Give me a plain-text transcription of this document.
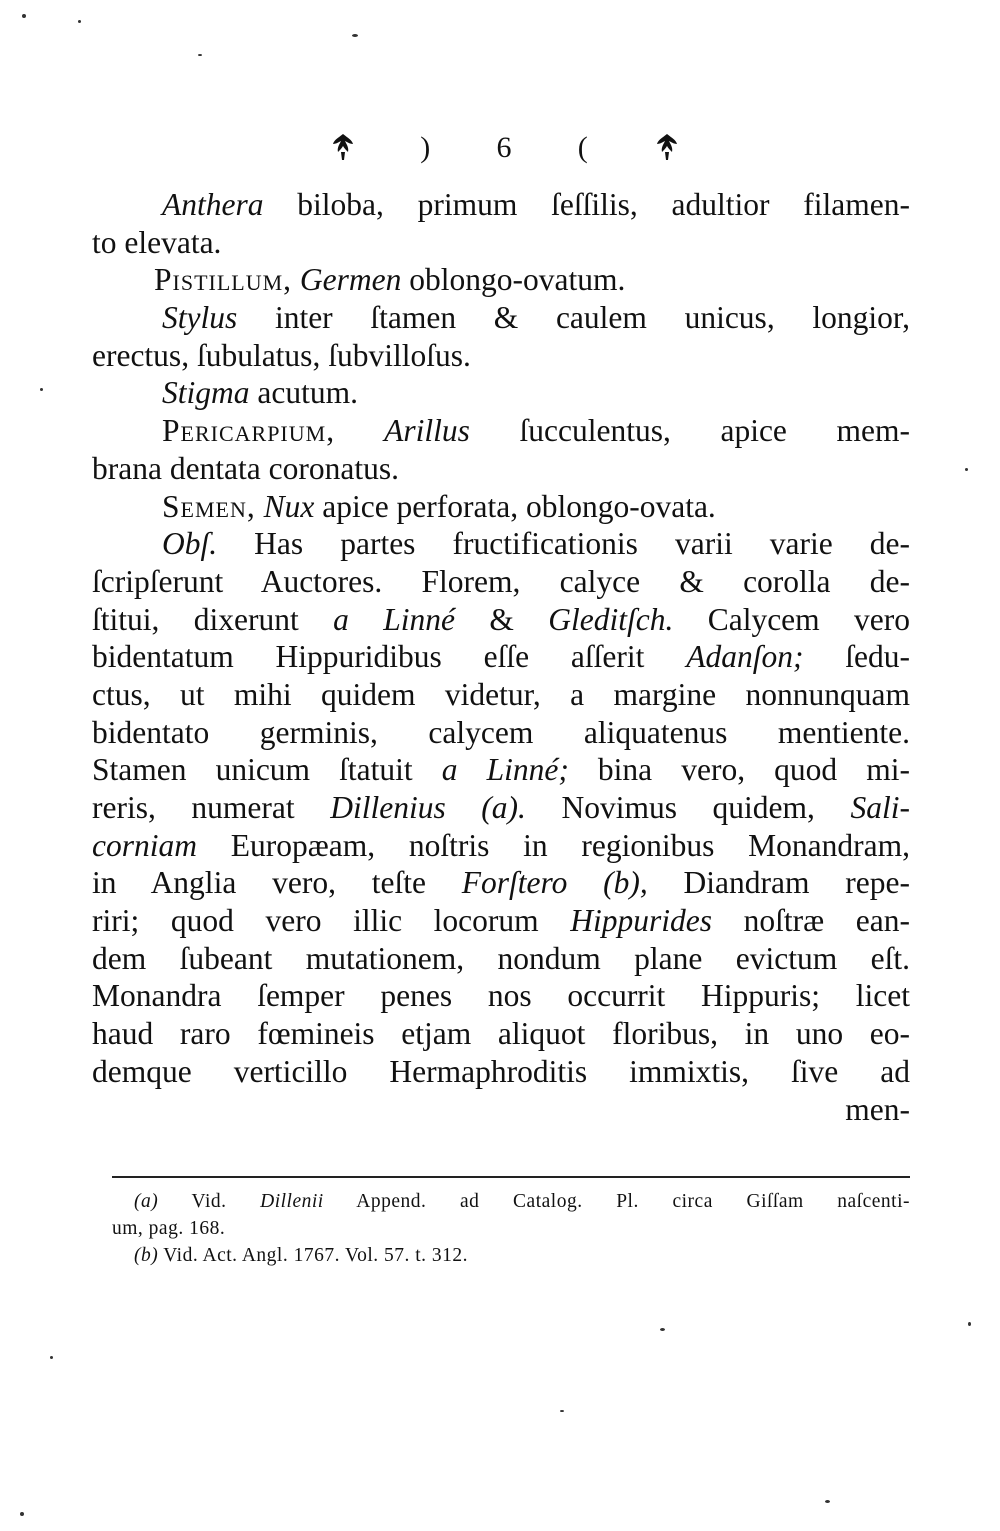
) 6 (
Anthera biloba, primum ſeſſilis, adultior filamen-
to elevata.
Pistillum, Germen oblongo-ovatum.
Stylus inter ſtamen & caulem unicus, longior,
erectus, ſubulatus, ſubvilloſus.
Stigma acutum.
Pericarpium, Arillus ſucculentus, apice mem-
brana dentata coronatus.
Semen, Nux apice perforata, oblongo-ovata.
Obſ. Has partes fructificationis varii varie de-
ſcripſerunt Auctores. Florem, calyce & corolla de-
ſtitui, dixerunt a Linné & Gleditſch. Calycem vero
bidentatum Hippuridibus eſſe aſſerit Adanſon; ſedu-
ctus, ut mihi quidem videtur, a margine nonnunquam
bidentato germinis, calycem aliquatenus mentiente.
Stamen unicum ſtatuit a Linné; bina vero, quod mi-
reris, numerat Dillenius (a). Novimus quidem, Sali-
corniam Europæam, noſtris in regionibus Monandram,
in Anglia vero, teſte Forſtero (b), Diandram repe-
riri; quod vero illic locorum Hippurides noſtræ ean-
dem ſubeant mutationem, nondum plane evictum eſt.
Monandra ſemper penes nos occurrit Hippuris; licet
haud raro fœmineis etjam aliquot floribus, in uno eo-
demque verticillo Hermaphroditis immixtis, ſive ad
men-
(a) Vid. Dillenii Append. ad Catalog. Pl. circa Giſſam naſcenti-
um, pag. 168.
(b) Vid. Act. Angl. 1767. Vol. 57. t. 312.
